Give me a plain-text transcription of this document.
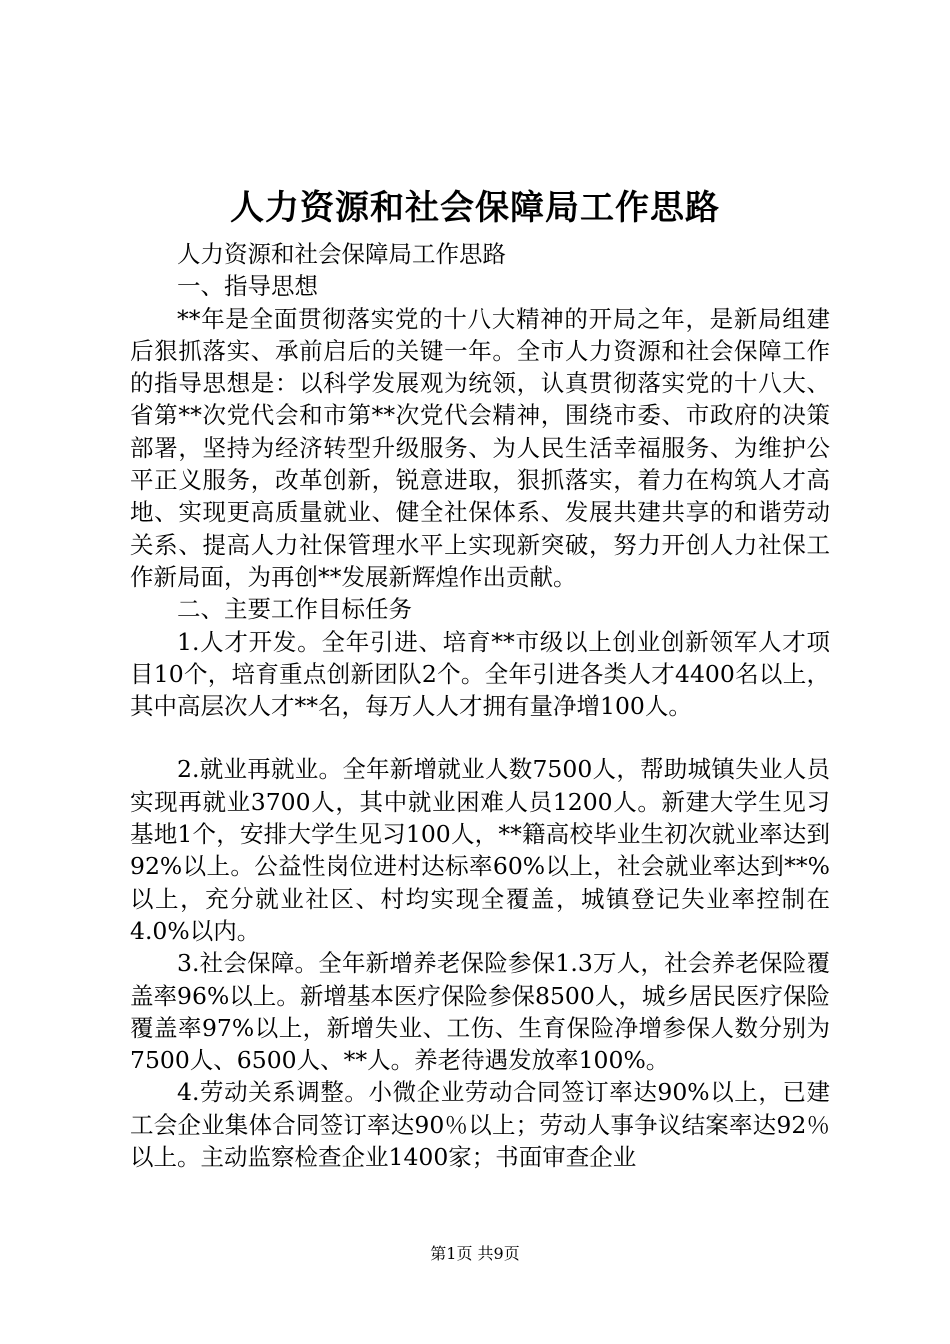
人力资源和社会保障局工作思路

人力资源和社会保障局工作思路

一、指导思想

**年是全面贯彻落实党的十八大精神的开局之年，是新局组建后狠抓落实、承前启后的关键一年。全市人力资源和社会保障工作的指导思想是：以科学发展观为统领，认真贯彻落实党的十八大、省第**次党代会和市第**次党代会精神，围绕市委、市政府的决策部署，坚持为经济转型升级服务、为人民生活幸福服务、为维护公平正义服务，改革创新，锐意进取，狠抓落实，着力在构筑人才高地、实现更高质量就业、健全社保体系、发展共建共享的和谐劳动关系、提高人力社保管理水平上实现新突破，努力开创人力社保工作新局面，为再创**发展新辉煌作出贡献。

二、主要工作目标任务

1.人才开发。全年引进、培育**市级以上创业创新领军人才项目10个，培育重点创新团队2个。全年引进各类人才4400名以上，其中高层次人才**名，每万人人才拥有量净增100人。

2.就业再就业。全年新增就业人数7500人，帮助城镇失业人员实现再就业3700人，其中就业困难人员1200人。新建大学生见习基地1个，安排大学生见习100人，**籍高校毕业生初次就业率达到92%以上。公益性岗位进村达标率60%以上，社会就业率达到**%以上，充分就业社区、村均实现全覆盖，城镇登记失业率控制在4.0%以内。

3.社会保障。全年新增养老保险参保1.3万人，社会养老保险覆盖率96%以上。新增基本医疗保险参保8500人，城乡居民医疗保险覆盖率97%以上，新增失业、工伤、生育保险净增参保人数分别为7500人、6500人、**人。养老待遇发放率100%。

4.劳动关系调整。小微企业劳动合同签订率达90%以上，已建工会企业集体合同签订率达90％以上；劳动人事争议结案率达92％以上。主动监察检查企业1400家；书面审查企业

第1页 共9页
